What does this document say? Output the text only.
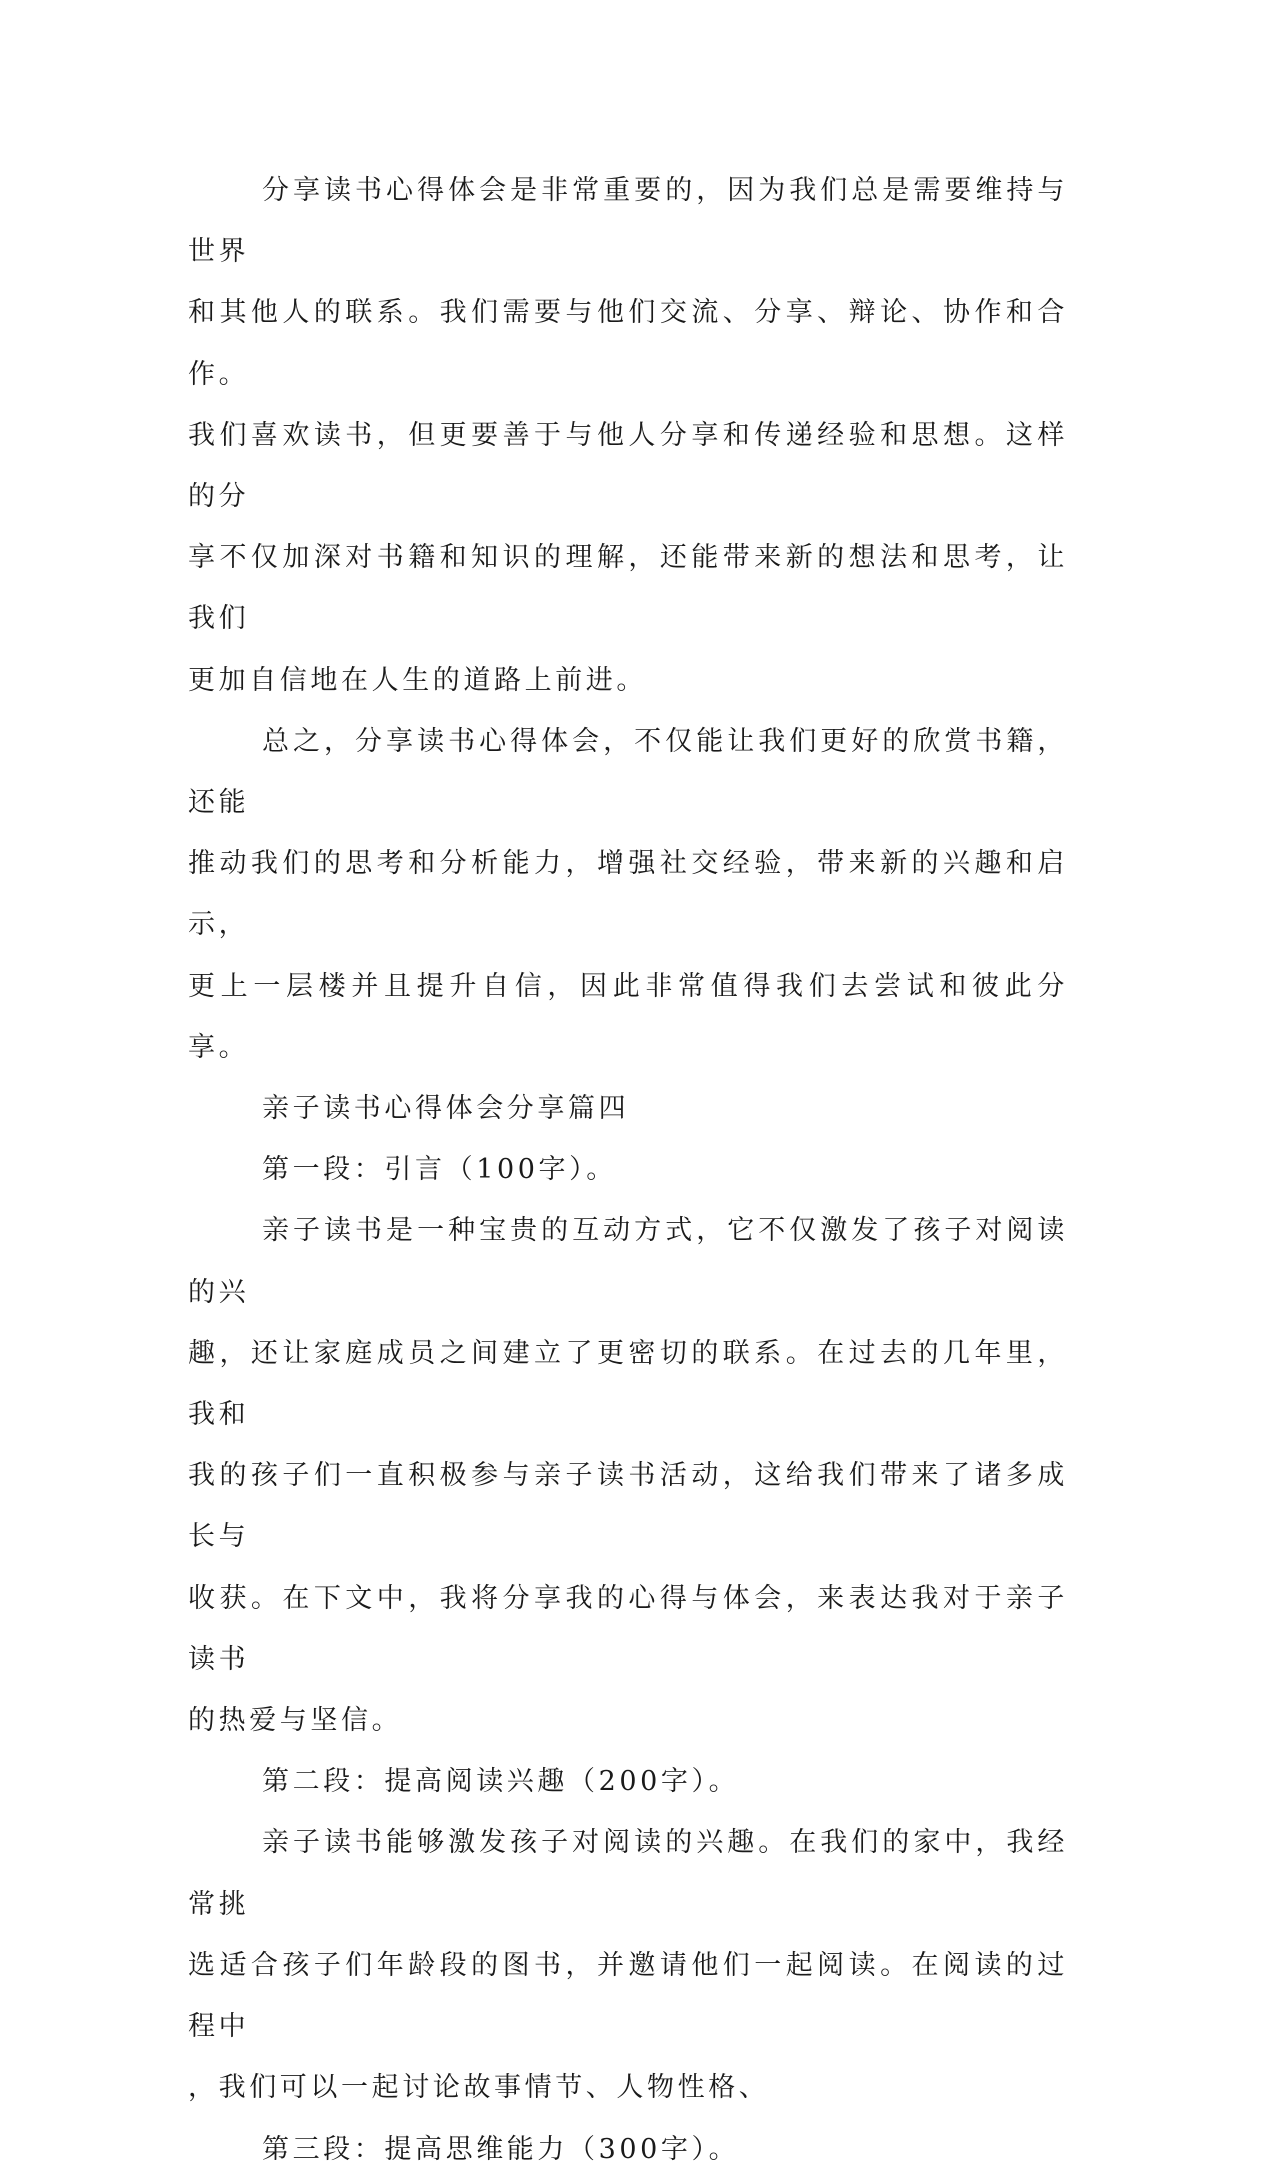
分享读书心得体会是非常重要的，因为我们总是需要维持与世界
和其他人的联系。我们需要与他们交流、分享、辩论、协作和合作。
我们喜欢读书，但更要善于与他人分享和传递经验和思想。这样的分
享不仅加深对书籍和知识的理解，还能带来新的想法和思考，让我们
更加自信地在人生的道路上前进。

总之，分享读书心得体会，不仅能让我们更好的欣赏书籍，还能
推动我们的思考和分析能力，增强社交经验，带来新的兴趣和启示，
更上一层楼并且提升自信，因此非常值得我们去尝试和彼此分享。

亲子读书心得体会分享篇四

第一段：引言（100字）。

亲子读书是一种宝贵的互动方式，它不仅激发了孩子对阅读的兴
趣，还让家庭成员之间建立了更密切的联系。在过去的几年里，我和
我的孩子们一直积极参与亲子读书活动，这给我们带来了诸多成长与
收获。在下文中，我将分享我的心得与体会，来表达我对于亲子读书
的热爱与坚信。

第二段：提高阅读兴趣（200字）。

亲子读书能够激发孩子对阅读的兴趣。在我们的家中，我经常挑
选适合孩子们年龄段的图书，并邀请他们一起阅读。在阅读的过程中
，我们可以一起讨论故事情节、人物性格、

第三段：提高思维能力（300字）。
